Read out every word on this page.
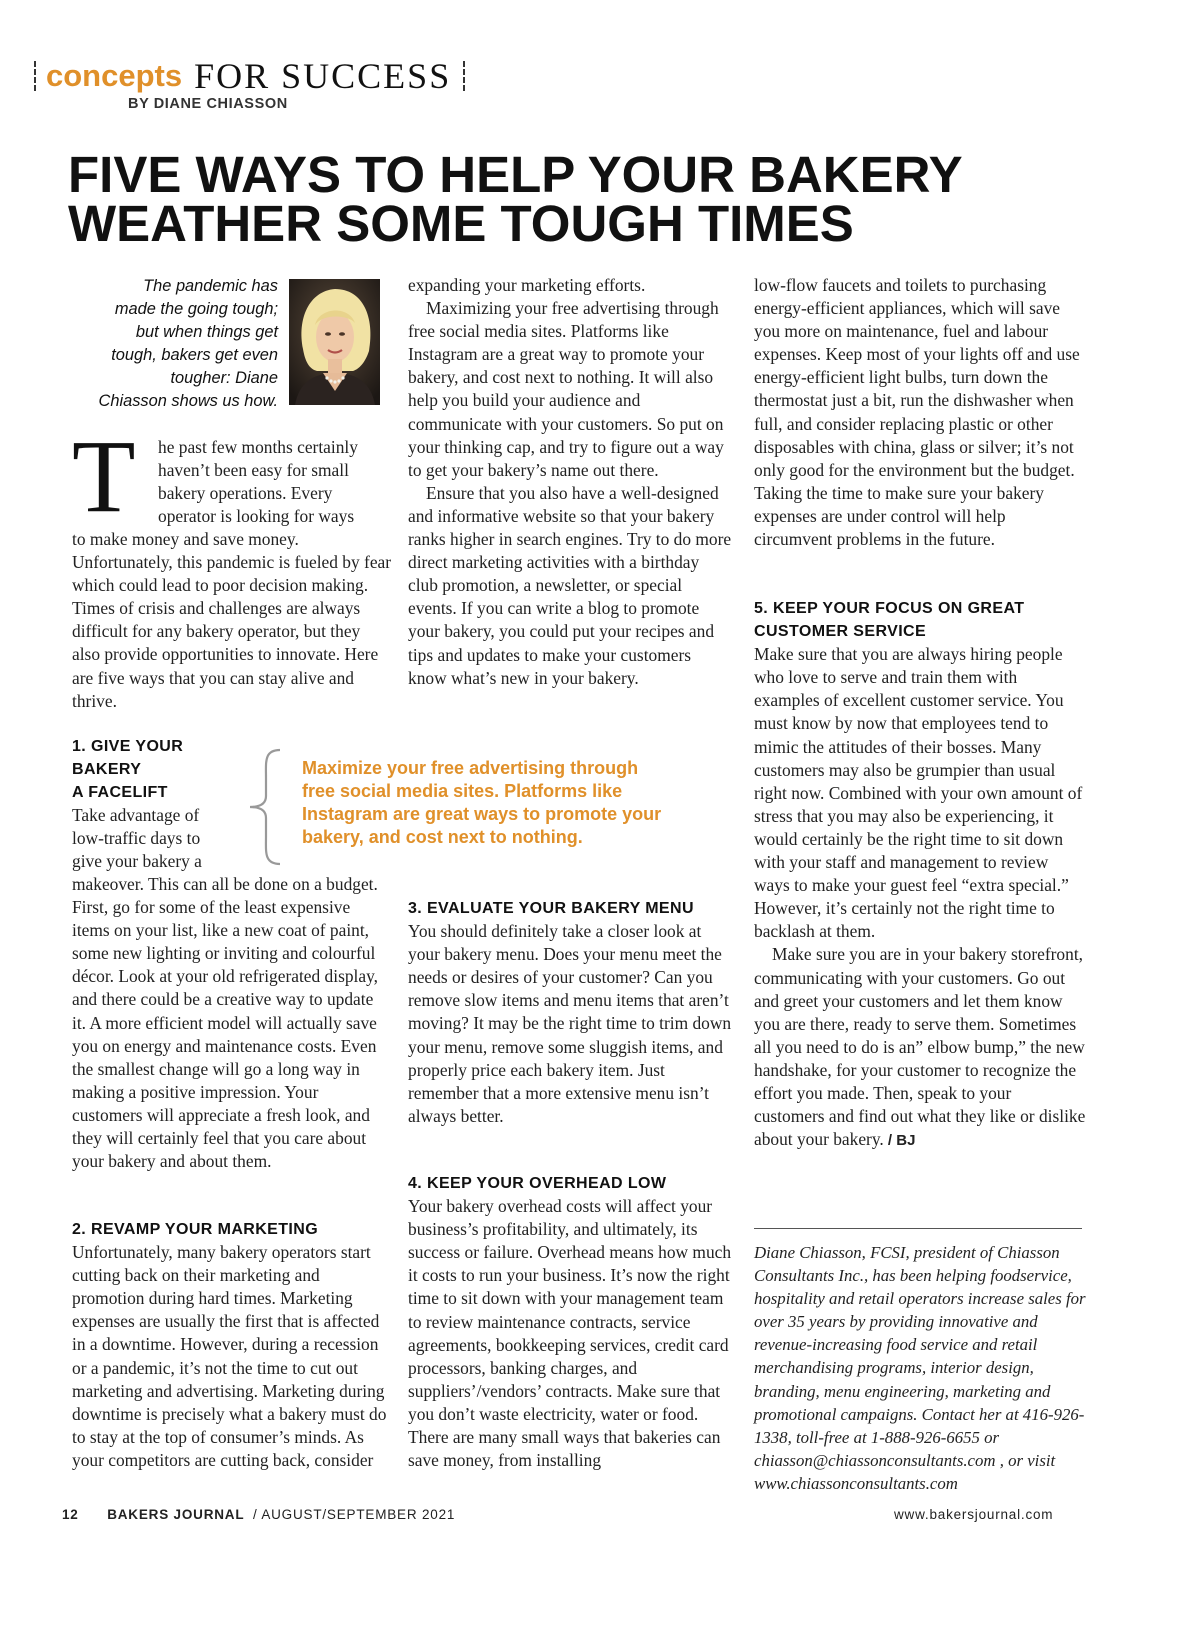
concepts FOR SUCCESS
BY DIANE CHIASSON
FIVE WAYS TO HELP YOUR BAKERY
WEATHER SOME TOUGH TIMES
The pandemic has
made the going tough;
but when things get
tough, bakers get even
tougher: Diane
Chiasson shows us how.
T he past few months certainly
haven’t been easy for small
bakery operations. Every
operator is looking for ways

to make money and save money. Unfortunately, this pandemic is fueled by fear which could lead to poor decision making. Times of crisis and challenges are always difficult for any bakery operator, but they also provide opportunities to innovate. Here are five ways that you can stay alive and thrive.

1. GIVE YOUR
BAKERY
A FACELIFT
Take advantage of
low-traffic days to
give your bakery a

makeover. This can all be done on a budget. First, go for some of the least expensive items on your list, like a new coat of paint, some new lighting or inviting and colourful décor. Look at your old refrigerated display, and there could be a creative way to update it. A more efficient model will actually save you on energy and maintenance costs. Even the smallest change will go a long way in making a positive impression. Your customers will appreciate a fresh look, and they will certainly feel that you care about your bakery and about them.

2. REVAMP YOUR MARKETING

Unfortunately, many bakery operators start cutting back on their marketing and promotion during hard times. Marketing expenses are usually the first that is affected in a downtime. However, during a recession or a pandemic, it’s not the time to cut out marketing and advertising. Marketing during downtime is precisely what a bakery must do to stay at the top of consumer’s minds. As your competitors are cutting back, consider

expanding your marketing efforts.

Maximizing your free advertising through free social media sites. Platforms like Instagram are a great way to promote your bakery, and cost next to nothing. It will also help you build your audience and communicate with your customers. So put on your thinking cap, and try to figure out a way to get your bakery’s name out there.

Ensure that you also have a well-designed and informative website so that your bakery ranks higher in search engines. Try to do more direct marketing activities with a birthday club promotion, a newsletter, or special events. If you can write a blog to promote your bakery, you could put your recipes and tips and updates to make your customers know what’s new in your bakery.

Maximize your free advertising through
free social media sites. Platforms like
Instagram are great ways to promote your
bakery, and cost next to nothing.
3. EVALUATE YOUR BAKERY MENU

You should definitely take a closer look at your bakery menu. Does your menu meet the needs or desires of your customer? Can you remove slow items and menu items that aren’t moving? It may be the right time to trim down your menu, remove some sluggish items, and properly price each bakery item. Just remember that a more extensive menu isn’t always better.

4. KEEP YOUR OVERHEAD LOW

Your bakery overhead costs will affect your business’s profitability, and ultimately, its success or failure. Overhead means how much it costs to run your business. It’s now the right time to sit down with your management team to review maintenance contracts, service agreements, bookkeeping services, credit card processors, banking charges, and suppliers’/vendors’ contracts. Make sure that you don’t waste electricity, water or food. There are many small ways that bakeries can save money, from installing

low-flow faucets and toilets to purchasing energy-efficient appliances, which will save you more on maintenance, fuel and labour expenses. Keep most of your lights off and use energy-efficient light bulbs, turn down the thermostat just a bit, run the dishwasher when full, and consider replacing plastic or other disposables with china, glass or silver; it’s not only good for the environment but the budget. Taking the time to make sure your bakery expenses are under control will help circumvent problems in the future.

5. KEEP YOUR FOCUS ON GREAT
CUSTOMER SERVICE

Make sure that you are always hiring people who love to serve and train them with examples of excellent customer service. You must know by now that employees tend to mimic the attitudes of their bosses. Many customers may also be grumpier than usual right now. Combined with your own amount of stress that you may also be experiencing, it would certainly be the right time to sit down with your staff and management to review ways to make your guest feel “extra special.” However, it’s certainly not the right time to backlash at them.

Make sure you are in your bakery storefront, communicating with your customers. Go out and greet your customers and let them know you are there, ready to serve them. Sometimes all you need to do is an” elbow bump,” the new handshake, for your customer to recognize the effort you made. Then, speak to your customers and find out what they like or dislike about your bakery. / BJ

Diane Chiasson, FCSI, president of Chiasson Consultants Inc., has been helping foodservice, hospitality and retail operators increase sales for over 35 years by providing innovative and revenue-increasing food service and retail merchandising programs, interior design, branding, menu engineering, marketing and promotional campaigns. Contact her at 416-926-1338, toll-free at 1-888-926-6655 or chiasson@chiassonconsultants.com , or visit www.chiassonconsultants.com
12 BAKERS JOURNAL / AUGUST/SEPTEMBER 2021	www.bakersjournal.com
